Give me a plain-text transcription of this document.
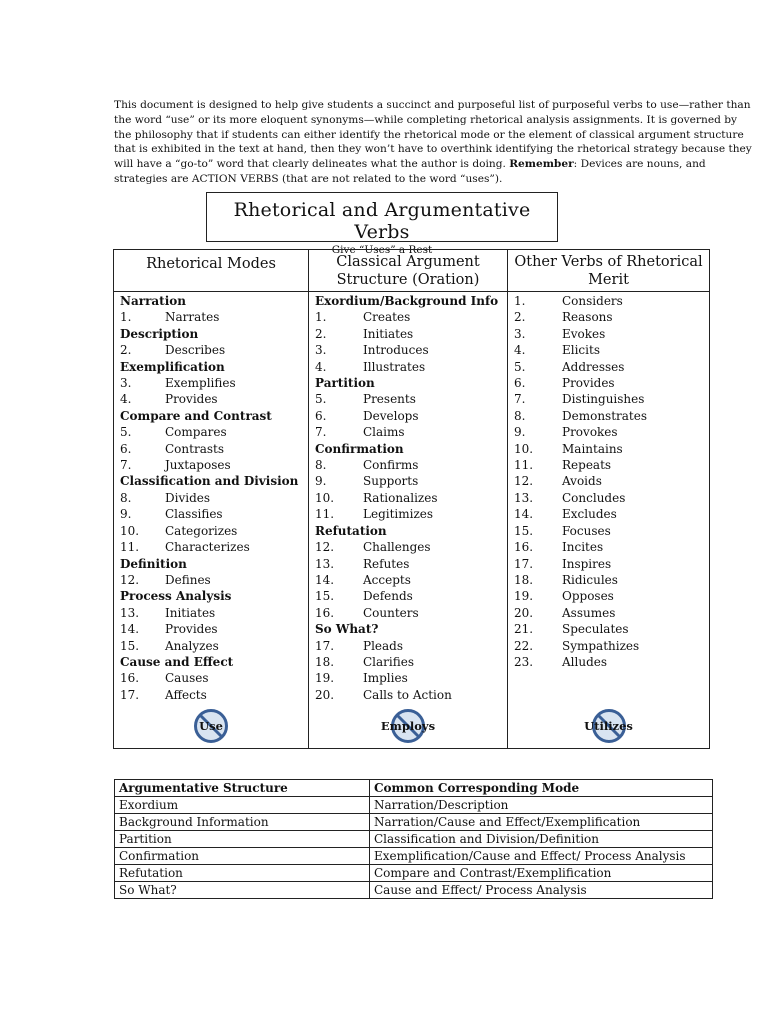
This document is designed to help give students a succinct and purposeful list of purposeful verbs to use—rather than the word “use” or its more eloquent synonyms—while completing rhetorical analysis assignments. It is governed by the philosophy that if students can either identify the rhetorical mode or the element of classical argument structure that is exhibited in the text at hand, then they won’t have to overthink identifying the rhetorical strategy because they will have a “go-to” word that clearly delineates what the author is doing. Remember: Devices are nouns, and strategies are ACTION VERBS (that are not related to the word “uses”).
Rhetorical and Argumentative Verbs
Give “Uses” a Rest
Rhetorical Modes
Narration
1.	Narrates
Description
2.	Describes
Exemplification
3.	Exemplifies
4.	Provides
Compare and Contrast
5.	Compares
6.	Contrasts
7.	Juxtaposes
Classification and Division
8.	Divides
9.	Classifies
10.	Categorizes
11.	Characterizes
Definition
12.	Defines
Process Analysis
13.	Initiates
14.	Provides
15.	Analyzes
Cause and Effect
16.	Causes
17.	Affects
Use
Classical Argument Structure (Oration)
Exordium/Background Info
1.	Creates
2.	Initiates
3.	Introduces
4.	Illustrates
Partition
5.	Presents
6.	Develops
7.	Claims
Confirmation
8.	Confirms
9.	Supports
10.	Rationalizes
11.	Legitimizes
Refutation
12.	Challenges
13.	Refutes
14.	Accepts
15.	Defends
16.	Counters
So What?
17.	Pleads
18.	Clarifies
19.	Implies
20.	Calls to Action
Employs
Other Verbs of Rhetorical Merit
1.	Considers
2.	Reasons
3.	Evokes
4.	Elicits
5.	Addresses
6.	Provides
7.	Distinguishes
8.	Demonstrates
9.	Provokes
10.	Maintains
11.	Repeats
12.	Avoids
13.	Concludes
14.	Excludes
15.	Focuses
16.	Incites
17.	Inspires
18.	Ridicules
19.	Opposes
20.	Assumes
21.	Speculates
22.	Sympathizes
23.	Alludes
Utilizes
Argumentative Structure	Common Corresponding Mode
Exordium	Narration/Description
Background Information	Narration/Cause and Effect/Exemplification
Partition	Classification and Division/Definition
Confirmation	Exemplification/Cause and Effect/ Process Analysis
Refutation	Compare and Contrast/Exemplification
So What?	Cause and Effect/ Process Analysis
